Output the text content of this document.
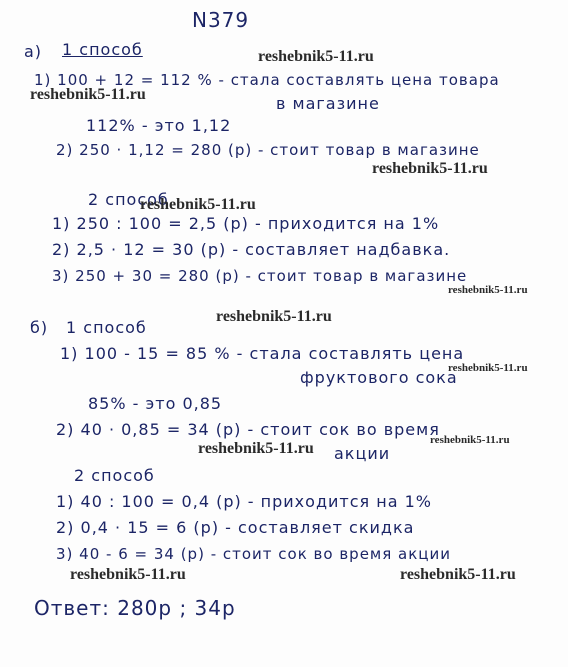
N379
а) 1 способ
1) 100 + 12 = 112 % - стала составлять цена товара
в магазине
112% - это 1,12
2) 250 · 1,12 = 280 (р) - стоит товар в магазине
2 способ
1) 250 : 100 = 2,5 (р) - приходится на 1%
2) 2,5 · 12 = 30 (р) - составляет надбавка.
3) 250 + 30 = 280 (р) - стоит товар в магазине
б) 1 способ
1) 100 - 15 = 85 % - стала составлять цена
фруктового сока
85% - это 0,85
2) 40 · 0,85 = 34 (р) - стоит сок во время
акции
2 способ
1) 40 : 100 = 0,4 (р) - приходится на 1%
2) 0,4 · 15 = 6 (р) - составляет скидка
3) 40 - 6 = 34 (р) - стоит сок во время акции
Ответ: 280р ; 34р
reshebnik5-11.ru
reshebnik5-11.ru
reshebnik5-11.ru
reshebnik5-11.ru
reshebnik5-11.ru
reshebnik5-11.ru
reshebnik5-11.ru
reshebnik5-11.ru
reshebnik5-11.ru
reshebnik5-11.ru	reshebnik5-11.ru
